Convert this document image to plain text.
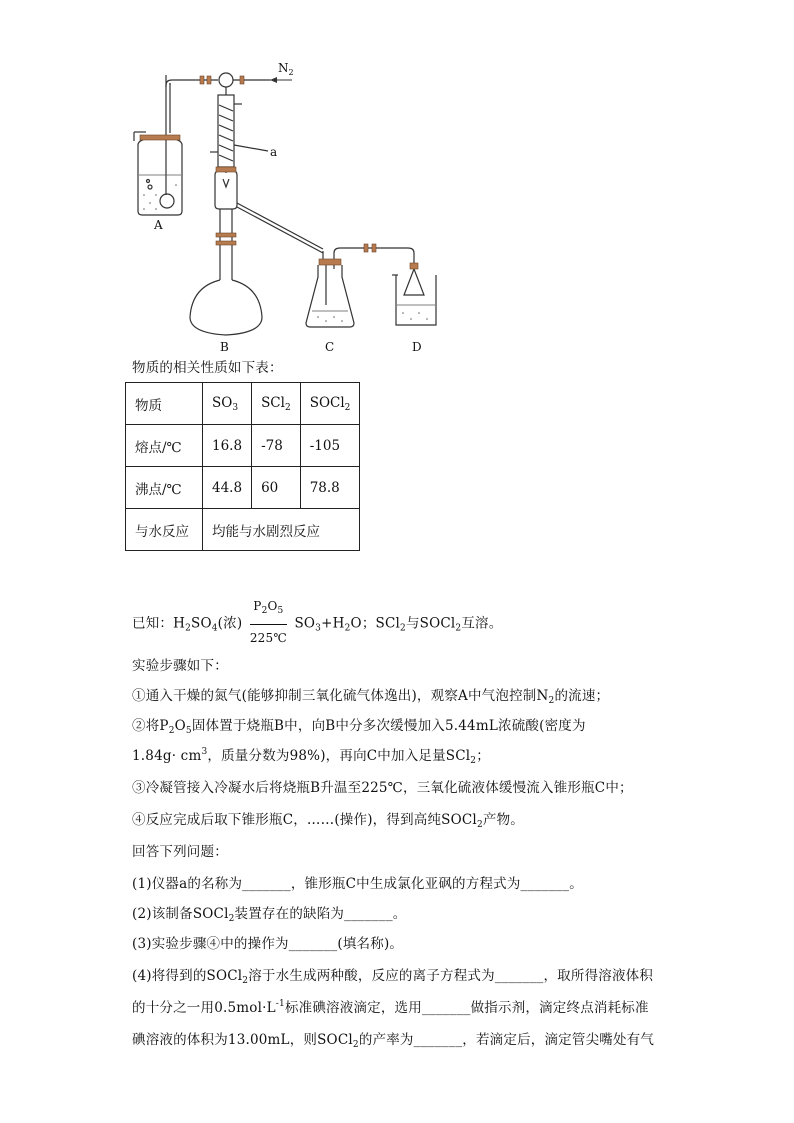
A
B	C	D
a
$N_2$
物质的相关性质如下表：
物质	$SO_3$	SCl$_2$	SOCl$_2$
熔点/℃	16.8	-78	-105
沸点/℃	44.8	60	78.8
与水反应	均能与水剧烈反应		
已知：$H_2SO_4$(浓) $\frac{P_2O_5}{225℃} SO_3+H_2O$；SCl$_2$与SOCl$_2$互溶。
实验步骤如下：
①通入干燥的氮气(能够抑制三氧化硫气体逸出)，观察A中气泡控制$N_2$的流速；
②将$P_2O_5$固体置于烧瓶B中，向B中分多次缓慢加入5.44mL浓硫酸(密度为
$1.84g\cdot cm^3$，质量分数为98%)，再向C中加入足量SCl$_2$；
③冷凝管接入冷凝水后将烧瓶B升温至225℃，三氧化硫液体缓慢流入锥形瓶C中；
④反应完成后取下锥形瓶C，……(操作)，得到高纯SOCl$_2$产物。
回答下列问题：
(1)仪器a的名称为_______，锥形瓶C中生成氯化亚砜的方程式为_______。
(2)该制备SOCl$_2$装置存在的缺陷为_______。
(3)实验步骤④中的操作为_______(填名称)。
(4)将得到的SOCl$_2$溶于水生成两种酸，反应的离子方程式为_______，取所得溶液体积
的十分之一用$0.5mol\cdot L^{-1}$标准碘溶液滴定，选用_______做指示剂，滴定终点消耗标准
碘溶液的体积为13.00mL，则SOCl$_2$的产率为_______，若滴定后，滴定管尖嘴处有气
